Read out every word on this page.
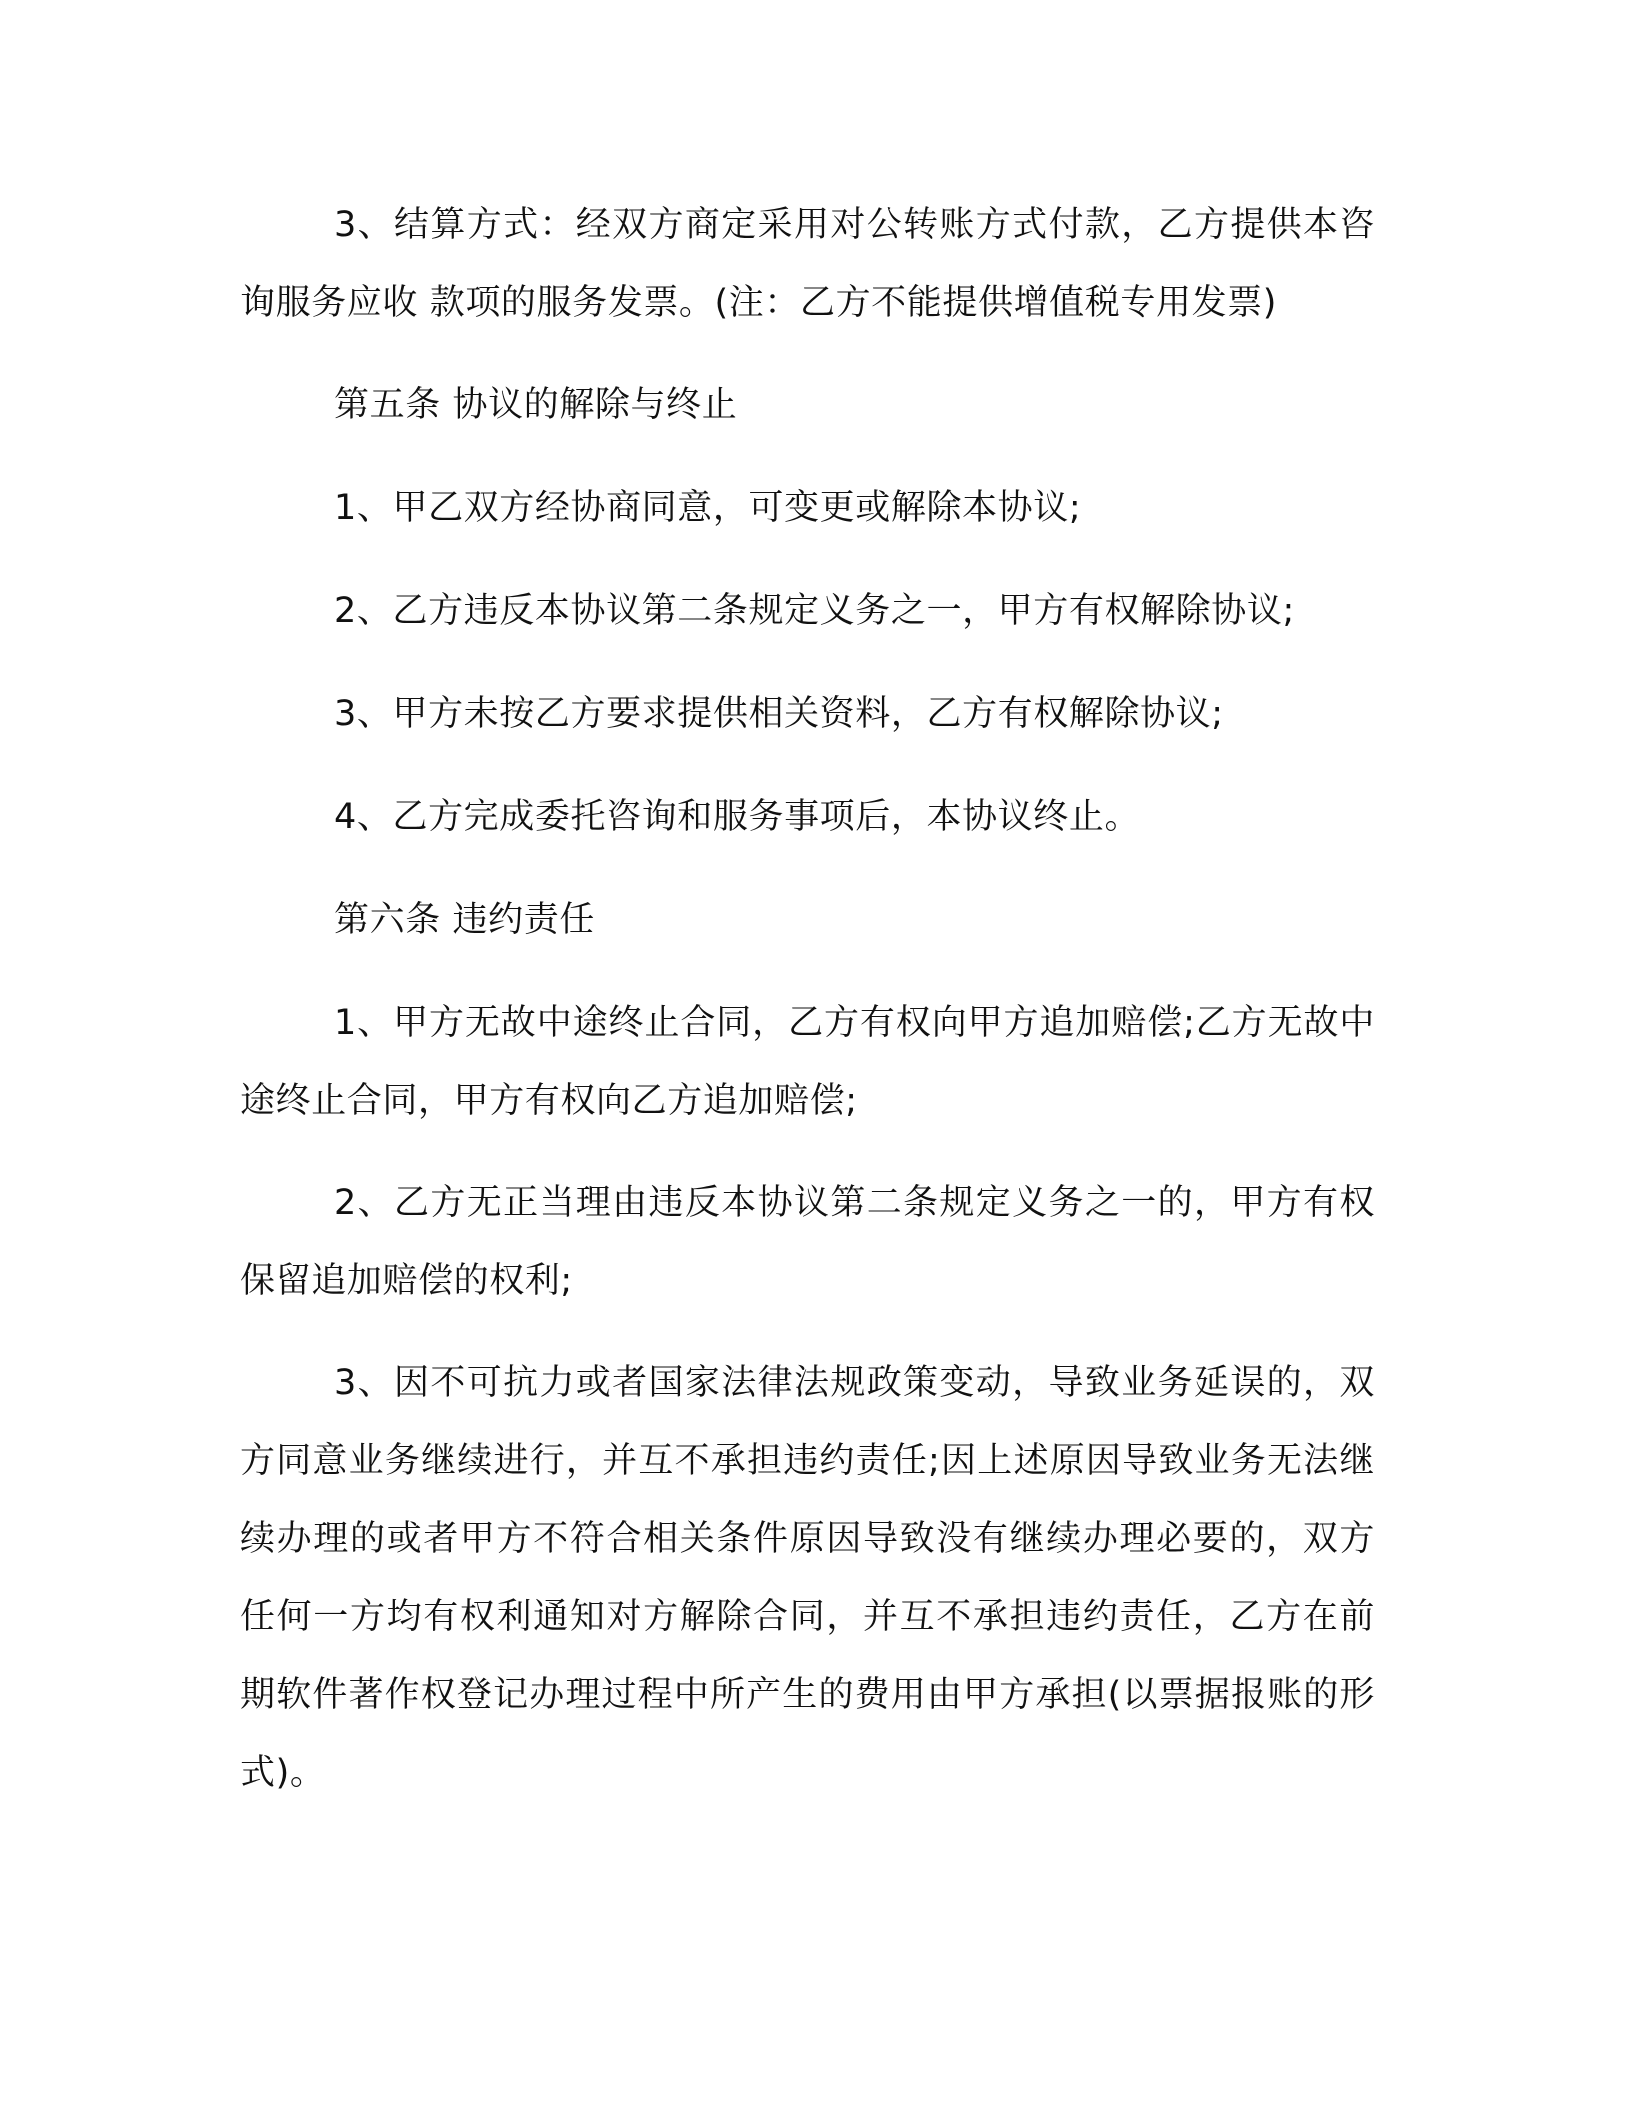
3、结算方式：经双方商定采用对公转账方式付款，乙方提供本咨询服务应收 款项的服务发票。(注：乙方不能提供增值税专用发票)

第五条 协议的解除与终止

1、甲乙双方经协商同意，可变更或解除本协议;

2、乙方违反本协议第二条规定义务之一，甲方有权解除协议;

3、甲方未按乙方要求提供相关资料，乙方有权解除协议;

4、乙方完成委托咨询和服务事项后，本协议终止。

第六条 违约责任

1、甲方无故中途终止合同，乙方有权向甲方追加赔偿;乙方无故中途终止合同，甲方有权向乙方追加赔偿;

2、乙方无正当理由违反本协议第二条规定义务之一的，甲方有权保留追加赔偿的权利;

3、因不可抗力或者国家法律法规政策变动，导致业务延误的，双方同意业务继续进行，并互不承担违约责任;因上述原因导致业务无法继续办理的或者甲方不符合相关条件原因导致没有继续办理必要的，双方任何一方均有权利通知对方解除合同，并互不承担违约责任，乙方在前期软件著作权登记办理过程中所产生的费用由甲方承担(以票据报账的形式)。
